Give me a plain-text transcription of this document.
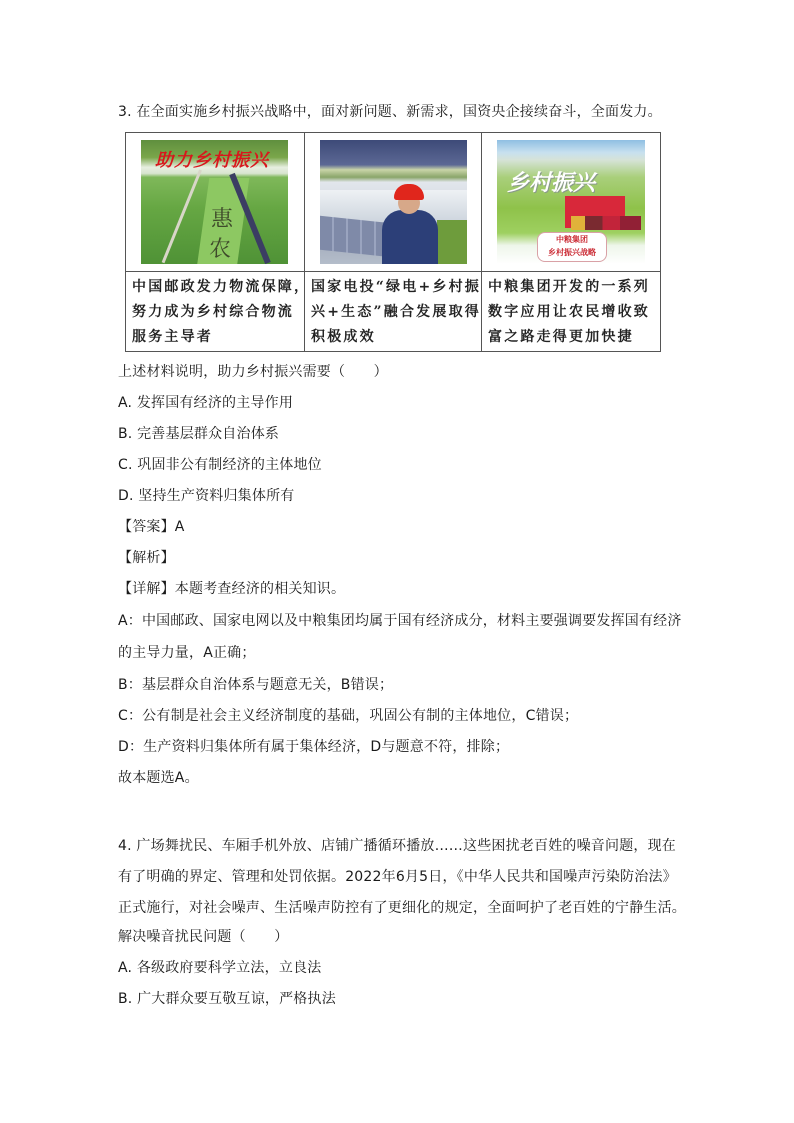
3. 在全面实施乡村振兴战略中，面对新问题、新需求，国资央企接续奋斗，全面发力。
助力乡村振兴
惠
农
乡村振兴
中粮集团
乡村振兴战略
中国邮政发力物流保障，
努力成为乡村综合物流
服务主导者
国家电投“绿电+乡村振
兴+生态”融合发展取得
积极成效
中粮集团开发的一系列
数字应用让农民增收致
富之路走得更加快捷
上述材料说明，助力乡村振兴需要（　　）
A. 发挥国有经济的主导作用
B. 完善基层群众自治体系
C. 巩固非公有制经济的主体地位
D. 坚持生产资料归集体所有
【答案】A
【解析】
【详解】本题考查经济的相关知识。
A：中国邮政、国家电网以及中粮集团均属于国有经济成分，材料主要强调要发挥国有经济
的主导力量，A正确；
B：基层群众自治体系与题意无关，B错误；
C：公有制是社会主义经济制度的基础，巩固公有制的主体地位，C错误；
D：生产资料归集体所有属于集体经济，D与题意不符，排除；
故本题选A。
4. 广场舞扰民、车厢手机外放、店铺广播循环播放……这些困扰老百姓的噪音问题，现在
有了明确的界定、管理和处罚依据。2022年6月5日，《中华人民共和国噪声污染防治法》
正式施行，对社会噪声、生活噪声防控有了更细化的规定，全面呵护了老百姓的宁静生活。
解决噪音扰民问题（　　）
A. 各级政府要科学立法，立良法
B. 广大群众要互敬互谅，严格执法
